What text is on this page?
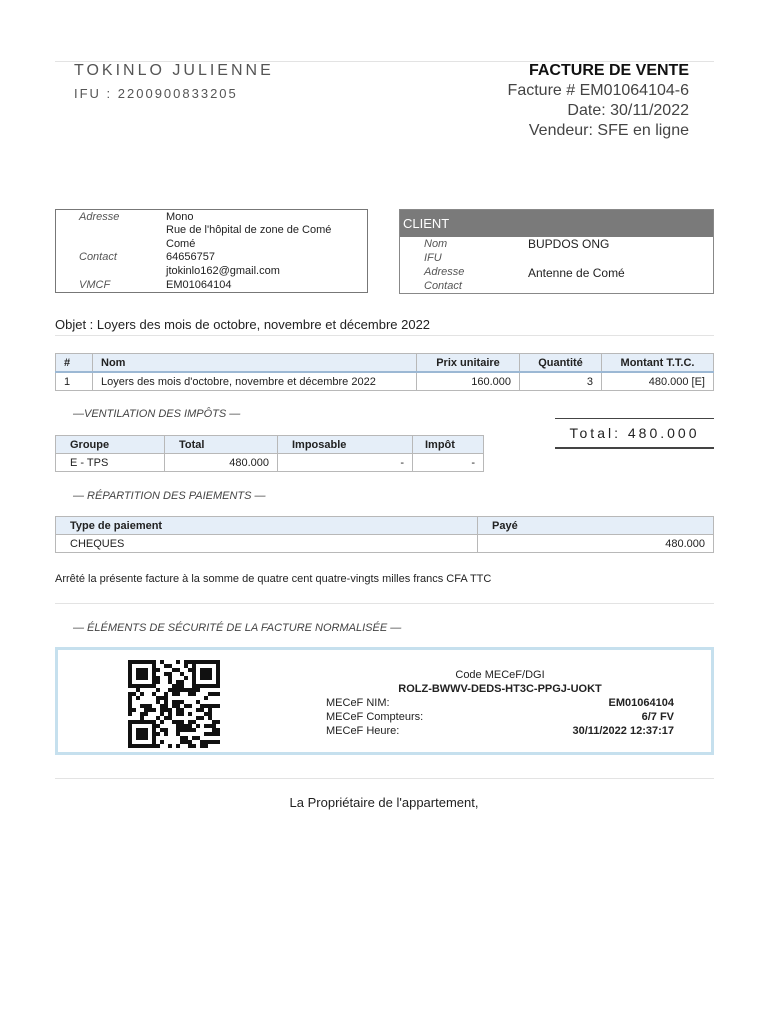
TOKINLO JULIENNE
IFU : 2200900833205
FACTURE DE VENTE
Facture # EM01064104-6
Date: 30/11/2022
Vendeur: SFE en ligne
Adresse	Mono
Rue de l'hôpital de zone de Comé
Comé
Contact	64656757
jtokinlo162@gmail.com
VMCF	EM01064104
CLIENT
Nom	BUPDOS ONG
IFU
Adresse	Antenne de Comé
Contact
Objet : Loyers des mois de octobre, novembre et décembre 2022
#	Nom	Prix unitaire	Quantité	Montant T.T.C.
1	Loyers des mois d'octobre, novembre et décembre 2022	160.000	3	480.000 [E]
—VENTILATION DES IMPÔTS —
Groupe	Total	Imposable	Impôt
E - TPS	480.000	-	-
Total: 480.000
— RÉPARTITION DES PAIEMENTS —
Type de paiement	Payé
CHEQUES	480.000
Arrêté la présente facture à la somme de quatre cent quatre-vingts milles francs CFA TTC
— ÉLÉMENTS DE SÉCURITÉ DE LA FACTURE NORMALISÉE —
Code MECeF/DGI
ROLZ-BWWV-DEDS-HT3C-PPGJ-UOKT
MECeF NIM:	EM01064104
MECeF Compteurs:	6/7 FV
MECeF Heure:	30/11/2022 12:37:17
La Propriétaire de l'appartement,
